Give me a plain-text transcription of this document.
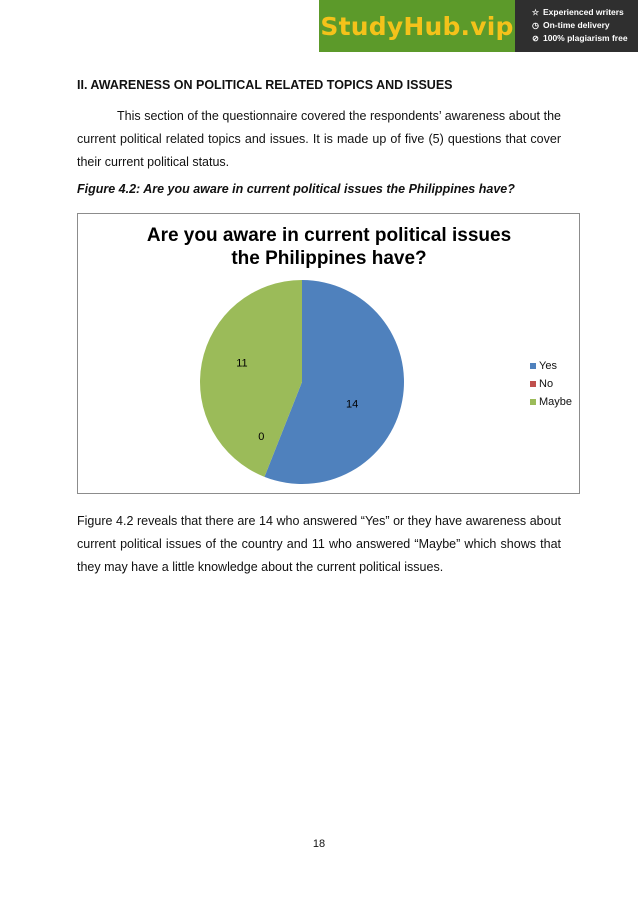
StudyHub.vip ☆ Experienced writers
◷ On-time delivery
⊘ 100% plagiarism free
II. AWARENESS ON POLITICAL RELATED TOPICS AND ISSUES
This section of the questionnaire covered the respondents’ awareness about the current political related topics and issues. It is made up of five (5) questions that cover their current political status.
Figure 4.2: Are you aware in current political issues the Philippines have?
Are you aware in current political issues
the Philippines have?
14
0
11	Yes
No
Maybe
Figure 4.2 reveals that there are 14 who answered “Yes” or they have awareness about current political issues of the country and 11 who answered “Maybe” which shows that they may have a little knowledge about the current political issues.
18
